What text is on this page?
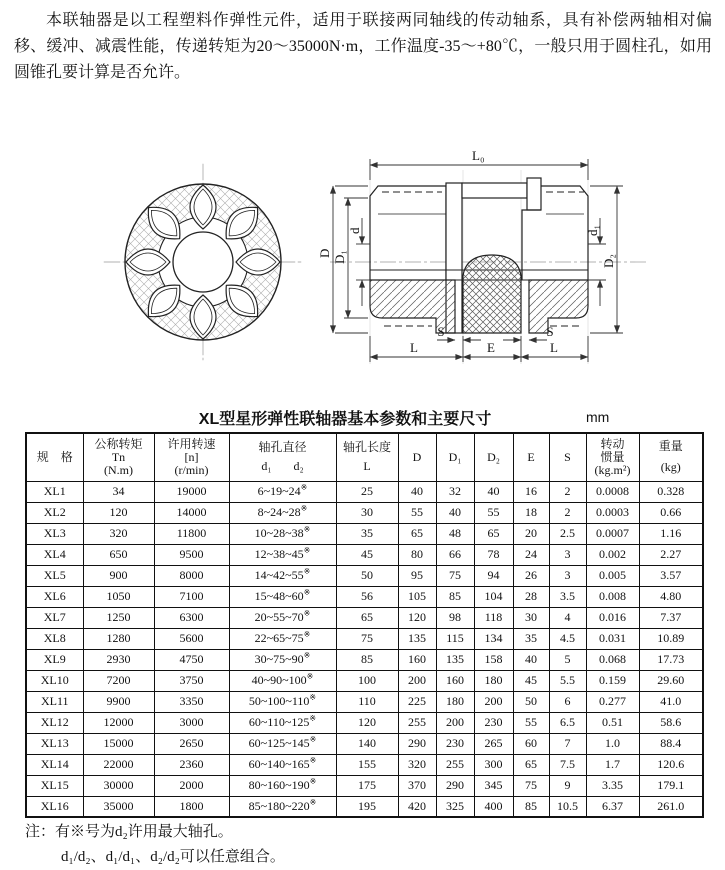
本联轴器是以工程塑料作弹性元件，适用于联接两同轴线的传动轴系，具有补偿两轴相对偏移、缓冲、减震性能，传递转矩为20～35000N·m，工作温度-35～+80℃，一般只用于圆柱孔，如用圆锥孔要计算是否允许。

L₀
D D₁
d	d₁
D₂
S	S
L	E	L
XL型星形弹性联轴器基本参数和主要尺寸	mm
规　格

公称转矩
Tn
(N.m)

许用转速
[n]
(r/min)

轴孔直径
d₁ d₂

轴孔长度
L

D	D₁	D₂	E	S

转动
惯量
(kg.m²)

重量
(kg)

XL1	34	19000	6~19~24※	25	40	32	40	16	2	0.0008	0.328
XL2	120	14000	8~24~28※	30	55	40	55	18	2	0.0003	0.66
XL3	320	11800	10~28~38※	35	65	48	65	20	2.5	0.0007	1.16
XL4	650	9500	12~38~45※	45	80	66	78	24	3	0.002	2.27
XL5	900	8000	14~42~55※	50	95	75	94	26	3	0.005	3.57
XL6	1050	7100	15~48~60※	56	105	85	104	28	3.5	0.008	4.80
XL7	1250	6300	20~55~70※	65	120	98	118	30	4	0.016	7.37
XL8	1280	5600	22~65~75※	75	135	115	134	35	4.5	0.031	10.89
XL9	2930	4750	30~75~90※	85	160	135	158	40	5	0.068	17.73
XL10	7200	3750	40~90~100※	100	200	160	180	45	5.5	0.159	29.60
XL11	9900	3350	50~100~110※	110	225	180	200	50	6	0.277	41.0
XL12	12000	3000	60~110~125※	120	255	200	230	55	6.5	0.51	58.6
XL13	15000	2650	60~125~145※	140	290	230	265	60	7	1.0	88.4
XL14	22000	2360	60~140~165※	155	320	255	300	65	7.5	1.7	120.6
XL15	30000	2000	80~160~190※	175	370	290	345	75	9	3.35	179.1
XL16	35000	1800	85~180~220※	195	420	325	400	85	10.5	6.37	261.0
注：有※号为d₂许用最大轴孔。
d₁/d₂、d₁/d₁、d₂/d₂可以任意组合。
